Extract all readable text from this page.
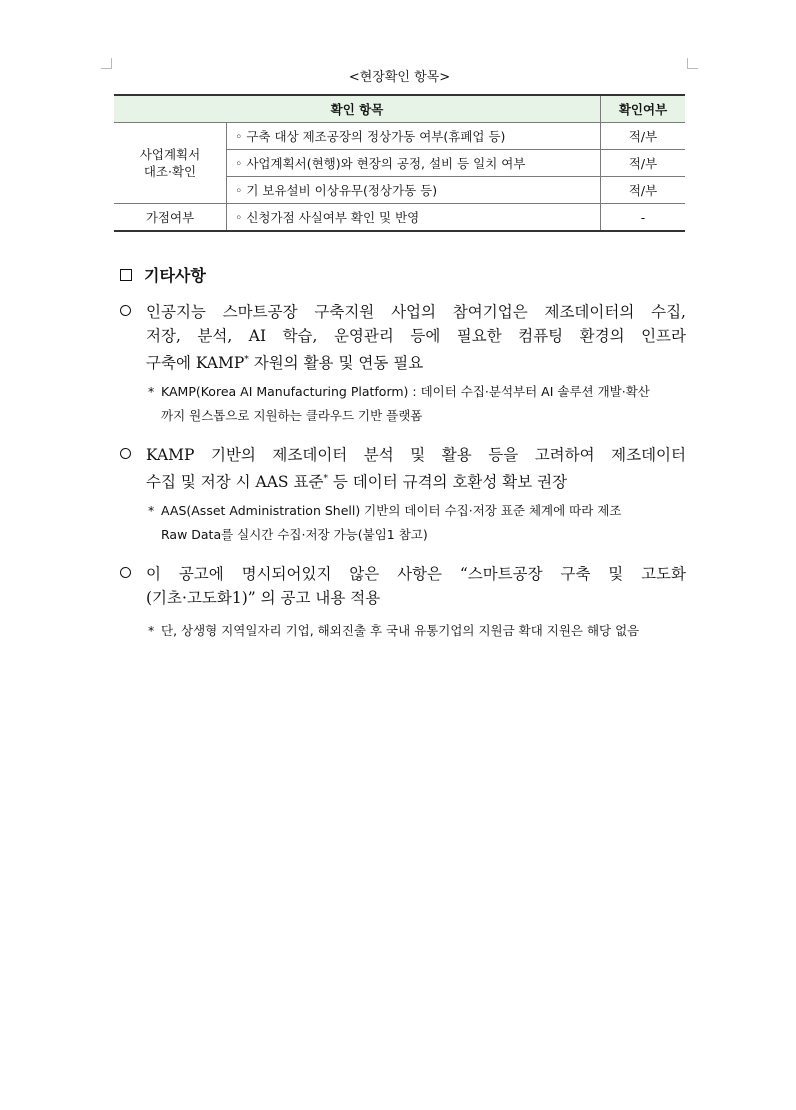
<현장확인 항목>
확인 항목		확인여부
사업계획서
대조·확인	◦ 구축 대상 제조공장의 정상가동 여부(휴폐업 등)	적/부
	◦ 사업계획서(현행)와 현장의 공정, 설비 등 일치 여부	적/부
	◦ 기 보유설비 이상유무(정상가동 등)	적/부
가점여부	◦ 신청가점 사실여부 확인 및 반영	-
기타사항
인공지능 스마트공장 구축지원 사업의 참여기업은 제조데이터의 수집,
저장, 분석, AI 학습, 운영관리 등에 필요한 컴퓨팅 환경의 인프라
구축에 KAMP* 자원의 활용 및 연동 필요
* KAMP(Korea AI Manufacturing Platform) : 데이터 수집·분석부터 AI 솔루션 개발·확산
까지 원스톱으로 지원하는 클라우드 기반 플랫폼
KAMP 기반의 제조데이터 분석 및 활용 등을 고려하여 제조데이터
수집 및 저장 시 AAS 표준* 등 데이터 규격의 호환성 확보 권장
* AAS(Asset Administration Shell) 기반의 데이터 수집·저장 표준 체계에 따라 제조
Raw Data를 실시간 수집·저장 가능(붙임1 참고)
이 공고에 명시되어있지 않은 사항은 “스마트공장 구축 및 고도화
(기초·고도화1)” 의 공고 내용 적용
* 단, 상생형 지역일자리 기업, 해외진출 후 국내 유통기업의 지원금 확대 지원은 해당 없음
